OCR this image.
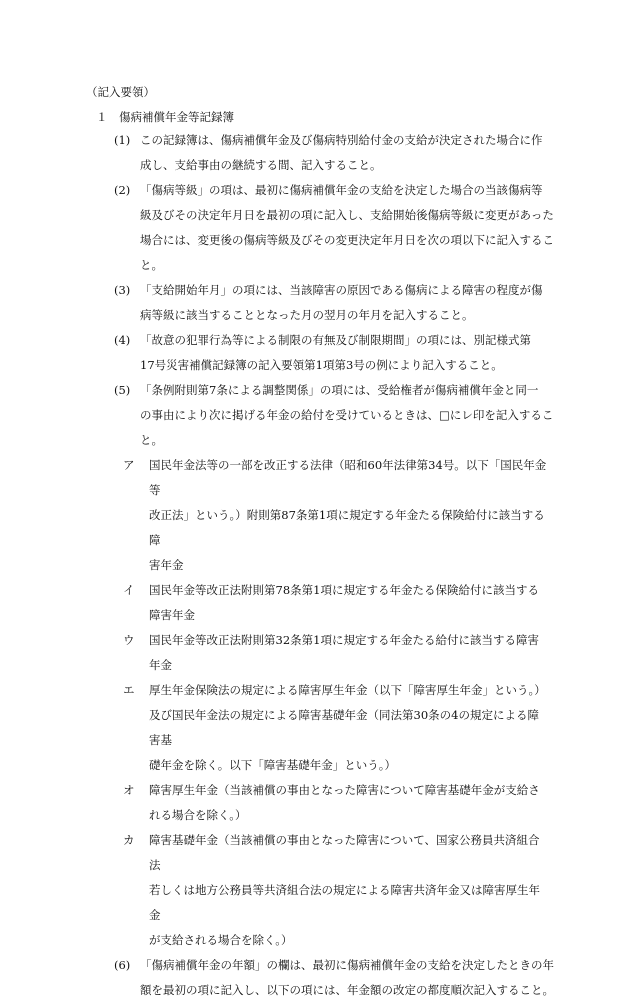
（記入要領）
１　傷病補償年金等記録簿
(1) この記録簿は、傷病補償年金及び傷病特別給付金の支給が決定された場合に作
成し、支給事由の継続する間、記入すること。
(2) 「傷病等級」の項は、最初に傷病補償年金の支給を決定した場合の当該傷病等
級及びその決定年月日を最初の項に記入し、支給開始後傷病等級に変更があった
場合には、変更後の傷病等級及びその変更決定年月日を次の項以下に記入するこ
と。
(3) 「支給開始年月」の項には、当該障害の原因である傷病による障害の程度が傷
病等級に該当することとなった月の翌月の年月を記入すること。
(4) 「故意の犯罪行為等による制限の有無及び制限期間」の項には、別記様式第
17号災害補償記録簿の記入要領第1項第3号の例により記入すること。
(5) 「条例附則第7条による調整関係」の項には、受給権者が傷病補償年金と同一
の事由により次に掲げる年金の給付を受けているときは、□にレ印を記入するこ
と。
ア 国民年金法等の一部を改正する法律（昭和60年法律第34号。以下「国民年金等
改正法」という。）附則第87条第1項に規定する年金たる保険給付に該当する障
害年金
イ 国民年金等改正法附則第78条第1項に規定する年金たる保険給付に該当する
障害年金
ウ 国民年金等改正法附則第32条第1項に規定する年金たる給付に該当する障害
年金
エ 厚生年金保険法の規定による障害厚生年金（以下「障害厚生年金」という。）
及び国民年金法の規定による障害基礎年金（同法第30条の4の規定による障害基
礎年金を除く。以下「障害基礎年金」という。）
オ 障害厚生年金（当該補償の事由となった障害について障害基礎年金が支給さ
れる場合を除く。）
カ 障害基礎年金（当該補償の事由となった障害について、国家公務員共済組合法
若しくは地方公務員等共済組合法の規定による障害共済年金又は障害厚生年金
が支給される場合を除く。）
(6) 「傷病補償年金の年額」の欄は、最初に傷病補償年金の支給を決定したときの年
額を最初の項に記入し、以下の項には、年金額の改定の都度順次記入すること。
